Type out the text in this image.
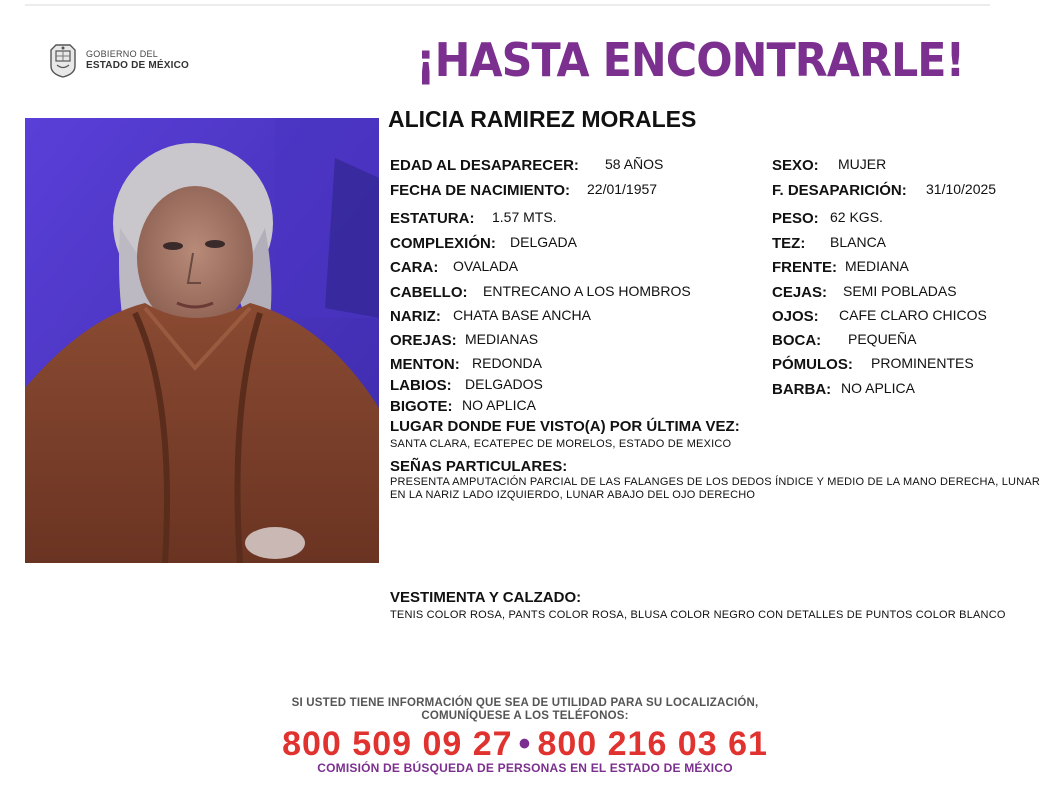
GOBIERNO DEL
ESTADO DE MÉXICO	¡HASTA ENCONTRARLE!
ALICIA RAMIREZ MORALES
EDAD AL DESAPARECER: 58 AÑOS
FECHA DE NACIMIENTO: 22/01/1957
ESTATURA: 1.57 MTS.
COMPLEXIÓN: DELGADA
CARA: OVALADA
CABELLO: ENTRECANO A LOS HOMBROS
NARIZ: CHATA BASE ANCHA
OREJAS: MEDIANAS
MENTON: REDONDA
LABIOS: DELGADOS
BIGOTE: NO APLICA
SEXO: MUJER
F. DESAPARICIÓN: 31/10/2025
PESO: 62 KGS.
TEZ: BLANCA
FRENTE: MEDIANA
CEJAS: SEMI POBLADAS
OJOS: CAFE CLARO CHICOS
BOCA: PEQUEÑA
PÓMULOS: PROMINENTES
BARBA: NO APLICA
LUGAR DONDE FUE VISTO(A) POR ÚLTIMA VEZ:
SANTA CLARA, ECATEPEC DE MORELOS, ESTADO DE MEXICO
SEÑAS PARTICULARES:
PRESENTA AMPUTACIÓN PARCIAL DE LAS FALANGES DE LOS DEDOS ÍNDICE Y MEDIO DE LA MANO DERECHA, LUNAR
EN LA NARIZ LADO IZQUIERDO, LUNAR ABAJO DEL OJO DERECHO
VESTIMENTA Y CALZADO:
TENIS COLOR ROSA, PANTS COLOR ROSA, BLUSA COLOR NEGRO CON DETALLES DE PUNTOS COLOR BLANCO
SI USTED TIENE INFORMACIÓN QUE SEA DE UTILIDAD PARA SU LOCALIZACIÓN,
COMUNÍQUESE A LOS TELÉFONOS:
800 509 09 27 • 800 216 03 61
COMISIÓN DE BÚSQUEDA DE PERSONAS EN EL ESTADO DE MÉXICO
